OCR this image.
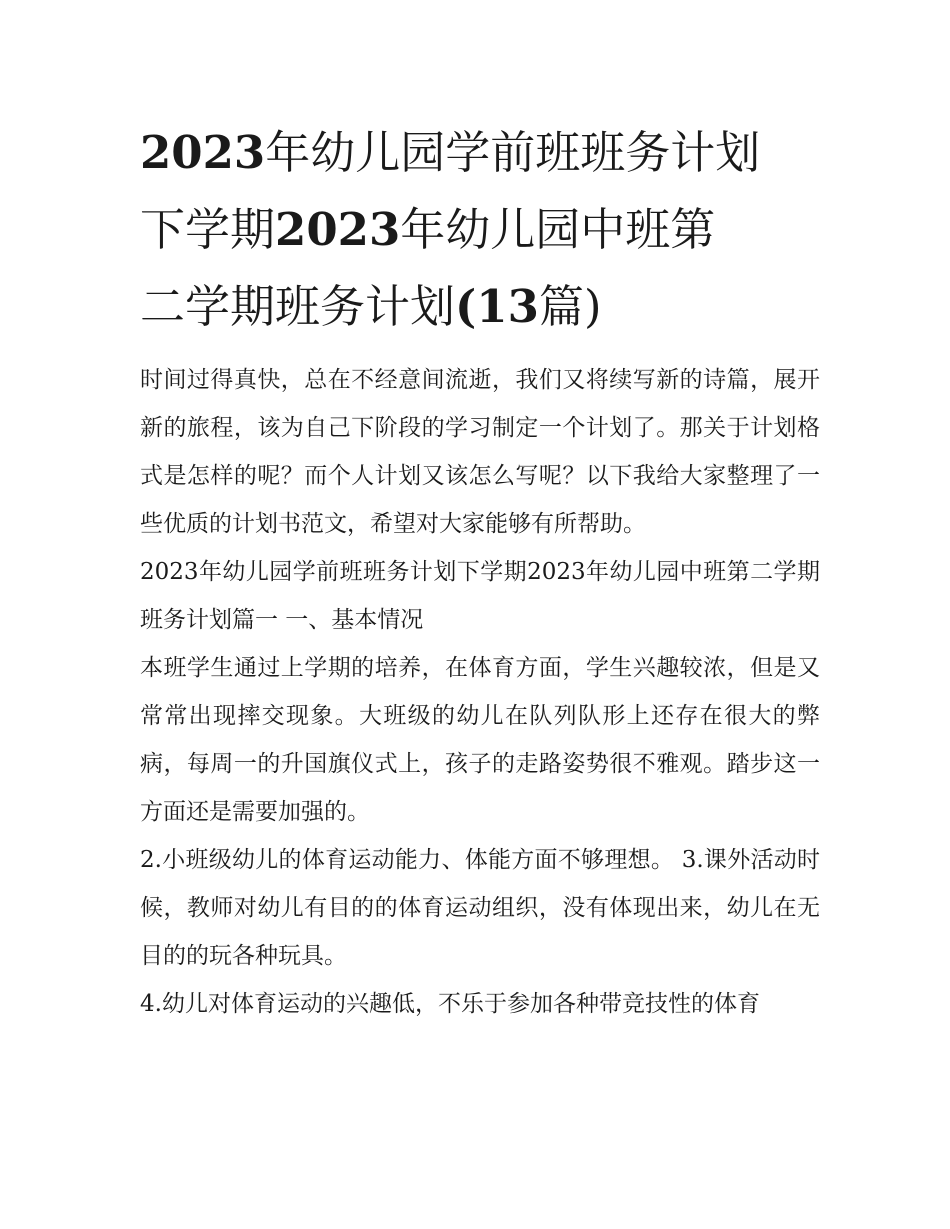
2023年幼儿园学前班班务计划
下学期2023年幼儿园中班第
二学期班务计划(13篇)

时间过得真快，总在不经意间流逝，我们又将续写新的诗篇，展开新的旅程，该为自己下阶段的学习制定一个计划了。那关于计划格式是怎样的呢？而个人计划又该怎么写呢？以下我给大家整理了一些优质的计划书范文，希望对大家能够有所帮助。

2023年幼儿园学前班班务计划下学期2023年幼儿园中班第二学期班务计划篇一 一、基本情况

本班学生通过上学期的培养，在体育方面，学生兴趣较浓，但是又常常出现摔交现象。大班级的幼儿在队列队形上还存在很大的弊病，每周一的升国旗仪式上，孩子的走路姿势很不雅观。踏步这一方面还是需要加强的。

2.小班级幼儿的体育运动能力、体能方面不够理想。 3.课外活动时候，教师对幼儿有目的的体育运动组织，没有体现出来，幼儿在无目的的玩各种玩具。

4.幼儿对体育运动的兴趣低，不乐于参加各种带竞技性的体育
